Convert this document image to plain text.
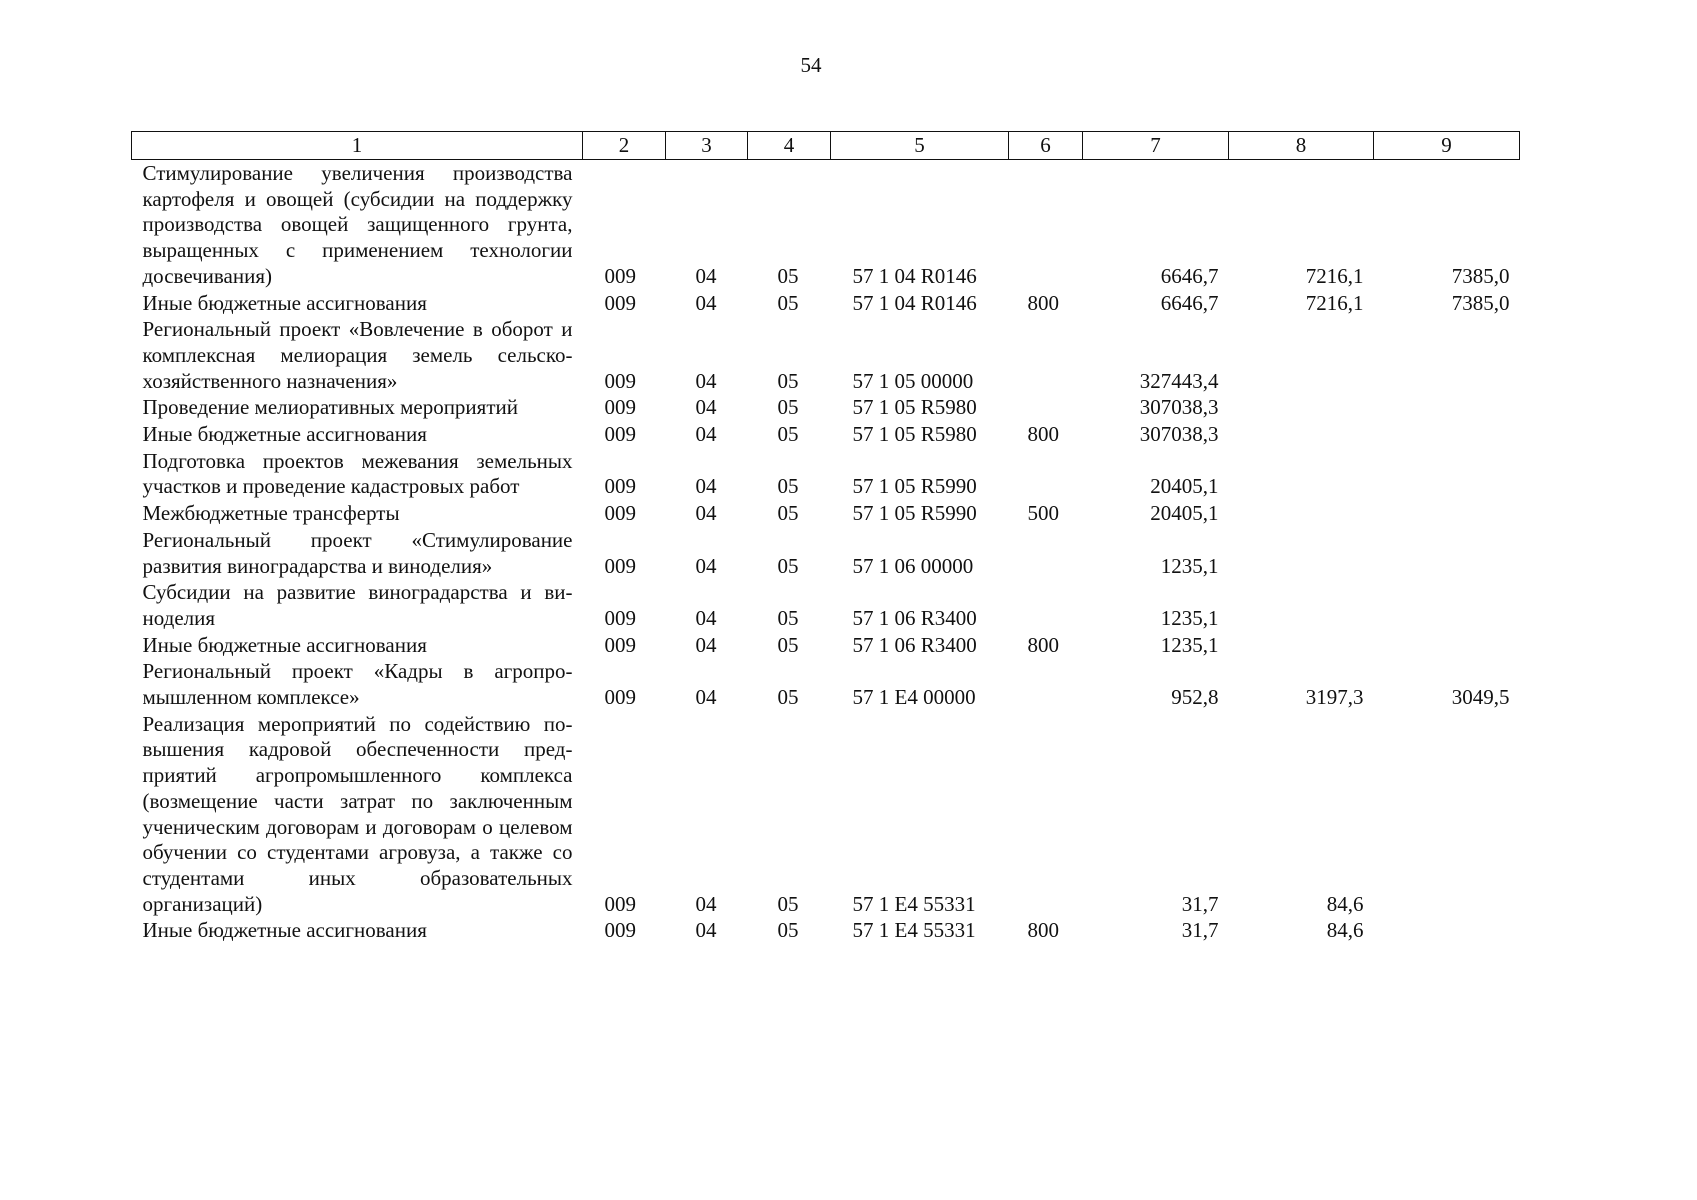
54
1	2	3	4	5	6	7	8	9
Стимулирование увеличения производства картофеля и овощей (субсидии на поддержку производства овощей защищенного грунта, выращенных с применением технологии досвечивания)	009	04	05	57 1 04 R0146		6646,7	7216,1	7385,0
Иные бюджетные ассигнования	009	04	05	57 1 04 R0146	800	6646,7	7216,1	7385,0
Региональный проект «Вовлечение в оборот и комплексная мелиорация земель сельскохозяйственного назначения»	009	04	05	57 1 05 00000		327443,4		
Проведение мелиоративных мероприятий	009	04	05	57 1 05 R5980		307038,3		
Иные бюджетные ассигнования	009	04	05	57 1 05 R5980	800	307038,3		
Подготовка проектов межевания земельных участков и проведение кадастровых работ	009	04	05	57 1 05 R5990		20405,1		
Межбюджетные трансферты	009	04	05	57 1 05 R5990	500	20405,1		
Региональный проект «Стимулирование развития виноградарства и виноделия»	009	04	05	57 1 06 00000		1235,1		
Субсидии на развитие виноградарства и виноделия	009	04	05	57 1 06 R3400		1235,1		
Иные бюджетные ассигнования	009	04	05	57 1 06 R3400	800	1235,1		
Региональный проект «Кадры в агропромышленном комплексе»	009	04	05	57 1 Е4 00000		952,8	3197,3	3049,5
Реализация мероприятий по содействию повышения кадровой обеспеченности предприятий агропромышленного комплекса (возмещение части затрат по заключенным ученическим договорам и договорам о целевом обучении со студентами агровуза, а также со студентами иных образовательных организаций)	009	04	05	57 1 Е4 55331		31,7	84,6	
Иные бюджетные ассигнования	009	04	05	57 1 Е4 55331	800	31,7	84,6	
